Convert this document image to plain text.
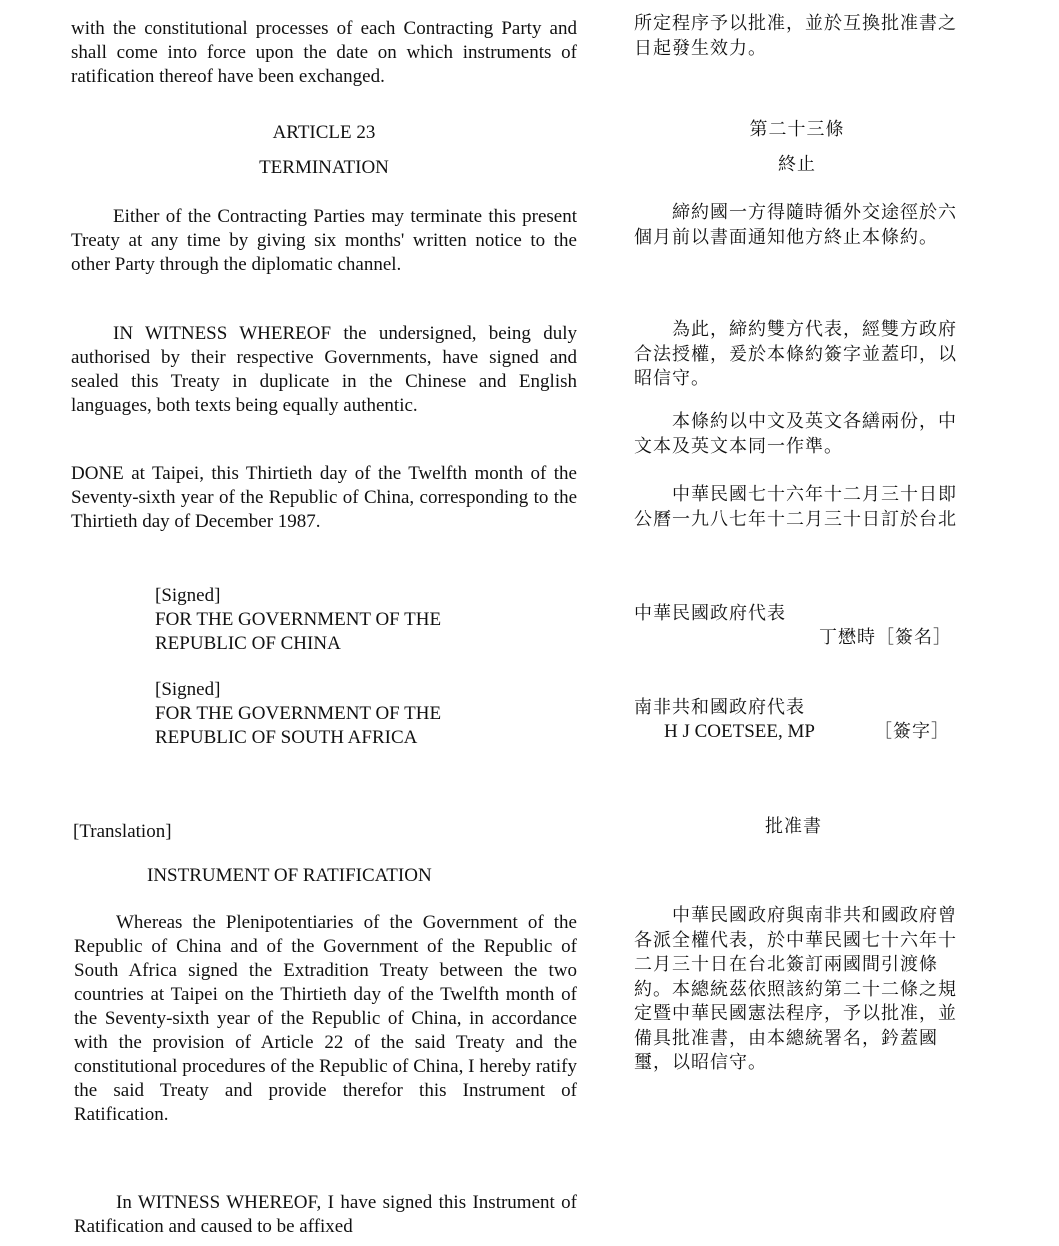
with the constitutional processes of each Contracting Party and shall come into force upon the date on which instruments of ratification thereof have been exchanged.
ARTICLE 23
TERMINATION
Either of the Contracting Parties may terminate this present Treaty at any time by giving six months' written notice to the other Party through the diplomatic channel.
IN WITNESS WHEREOF the undersigned, being duly authorised by their respective Governments, have signed and sealed this Treaty in duplicate in the Chinese and English languages, both texts being equally authentic.
DONE at Taipei, this Thirtieth day of the Twelfth month of the Seventy-sixth year of the Republic of China, corresponding to the Thirtieth day of December 1987.
[Signed]
FOR THE GOVERNMENT OF THE
REPUBLIC OF CHINA
[Signed]
FOR THE GOVERNMENT OF THE
REPUBLIC OF SOUTH AFRICA
[Translation]
INSTRUMENT OF RATIFICATION
Whereas the Plenipotentiaries of the Government of the Republic of China and of the Government of the Republic of South Africa signed the Extradition Treaty between the two countries at Taipei on the Thirtieth day of the Twelfth month of the Seventy-sixth year of the Republic of China, in accordance with the provision of Article 22 of the said Treaty and the constitutional procedures of the Republic of China, I hereby ratify the said Treaty and provide therefor this Instrument of Ratification.
In WITNESS WHEREOF, I have signed this Instrument of Ratification and caused to be affixed
所定程序予以批准，並於互換批准書之日起發生效力。
第二十三條
終止
締約國一方得隨時循外交途徑於六個月前以書面通知他方終止本條約。
為此，締約雙方代表，經雙方政府合法授權，爰於本條約簽字並蓋印，以昭信守。
本條約以中文及英文各繕兩份，中文本及英文本同一作準。
中華民國七十六年十二月三十日即公曆一九八七年十二月三十日訂於台北
中華民國政府代表
丁懋時［簽名］
南非共和國政府代表
H J COETSEE, MP	［簽字］
批准書
中華民國政府與南非共和國政府曾各派全權代表，於中華民國七十六年十二月三十日在台北簽訂兩國間引渡條約。本總統茲依照該約第二十二條之規定暨中華民國憲法程序，予以批准，並備具批准書，由本總統署名，鈐蓋國璽，以昭信守。
